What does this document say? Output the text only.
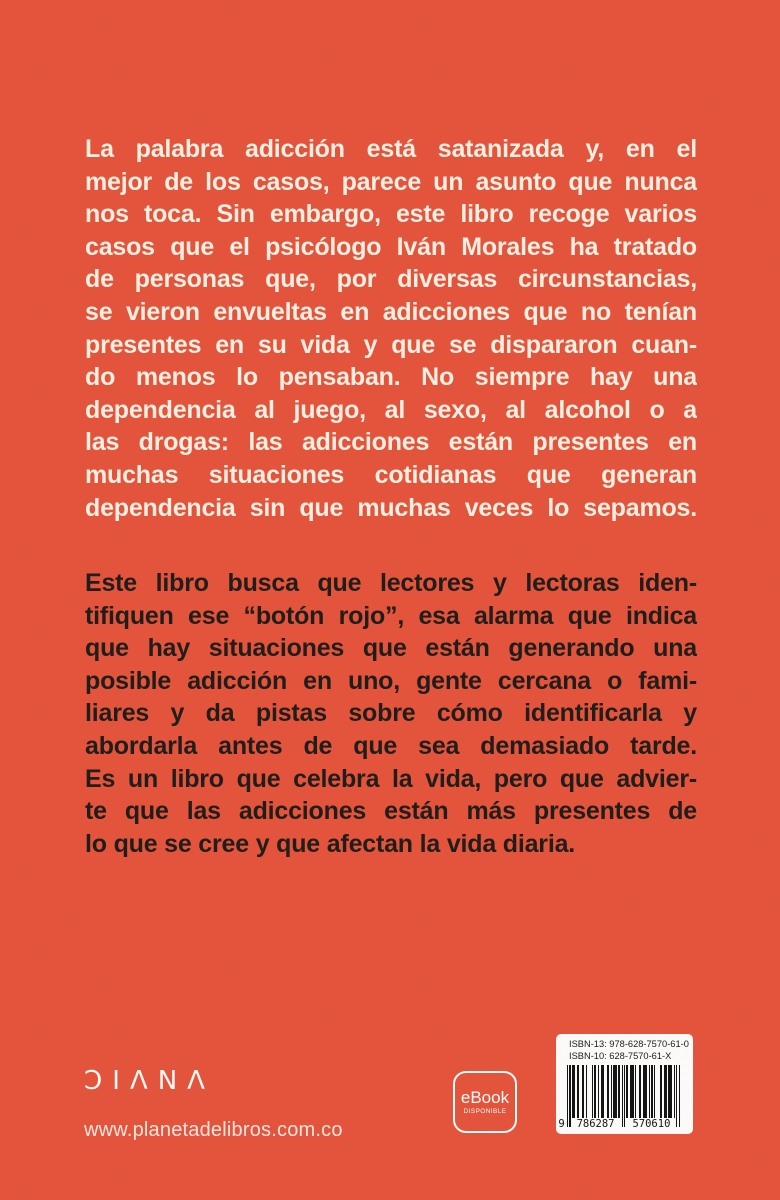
La palabra adicción está satanizada y, en el
mejor de los casos, parece un asunto que nunca
nos toca. Sin embargo, este libro recoge varios
casos que el psicólogo Iván Morales ha tratado
de personas que, por diversas circunstancias,
se vieron envueltas en adicciones que no tenían
presentes en su vida y que se dispararon cuan-
do menos lo pensaban. No siempre hay una
dependencia al juego, al sexo, al alcohol o a
las drogas: las adicciones están presentes en
muchas situaciones cotidianas que generan
dependencia sin que muchas veces lo sepamos.
Este libro busca que lectores y lectoras iden-
tifiquen ese “botón rojo”, esa alarma que indica
que hay situaciones que están generando una
posible adicción en uno, gente cercana o fami-
liares y da pistas sobre cómo identificarla y
abordarla antes de que sea demasiado tarde.
Es un libro que celebra la vida, pero que advier-
te que las adicciones están más presentes de
lo que se cree y que afectan la vida diaria.
ƆIΛNΛ
www.planetadelibros.com.co
eBook
DISPONIBLE
ISBN-13: 978-628-7570-61-0
ISBN-10: 628-7570-61-X
9	786287	570610
